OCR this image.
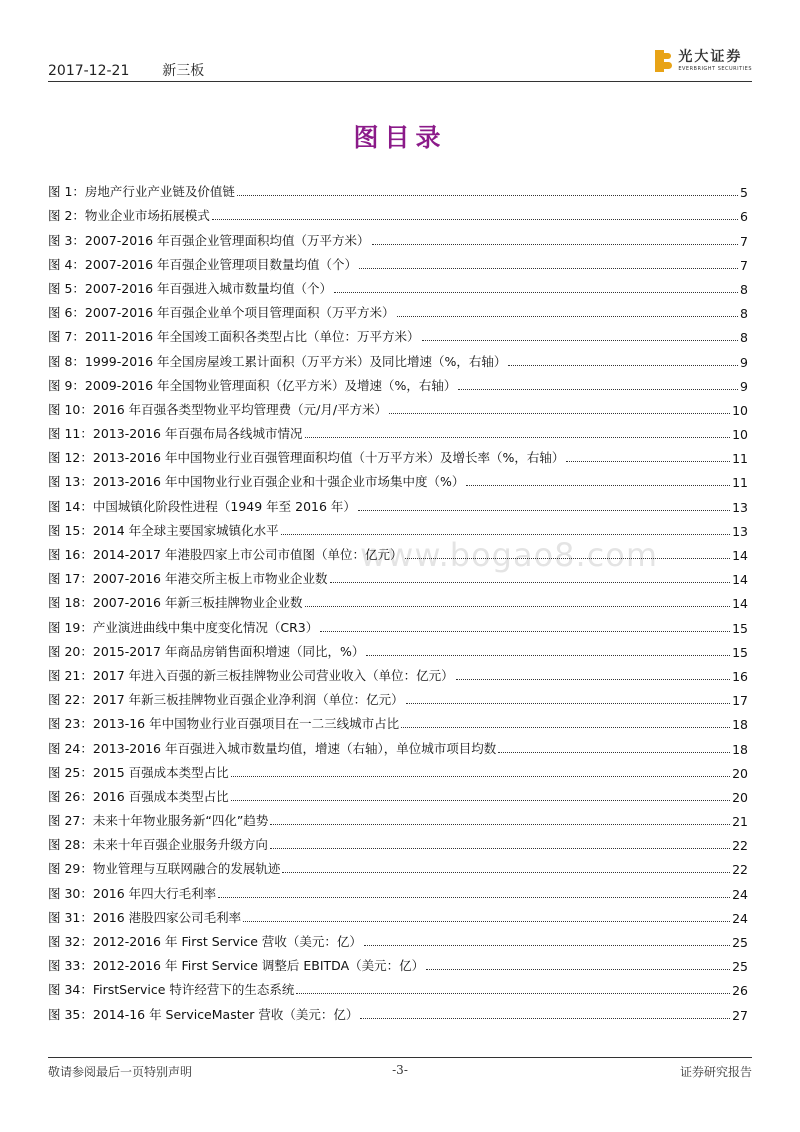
2017-12-21 新三板
光大证券
EVERBRIGHT SECURITIES
图目录
图 1：房地产行业产业链及价值链	5
图 2：物业企业市场拓展模式	6
图 3：2007-2016 年百强企业管理面积均值（万平方米）	7
图 4：2007-2016 年百强企业管理项目数量均值（个）	7
图 5：2007-2016 年百强进入城市数量均值（个）	8
图 6：2007-2016 年百强企业单个项目管理面积（万平方米）	8
图 7：2011-2016 年全国竣工面积各类型占比（单位：万平方米）	8
图 8：1999-2016 年全国房屋竣工累计面积（万平方米）及同比增速（%，右轴）	9
图 9：2009-2016 年全国物业管理面积（亿平方米）及增速（%，右轴）	9
图 10：2016 年百强各类型物业平均管理费（元/月/平方米）	10
图 11：2013-2016 年百强布局各线城市情况	10
图 12：2013-2016 年中国物业行业百强管理面积均值（十万平方米）及增长率（%，右轴）	11
图 13：2013-2016 年中国物业行业百强企业和十强企业市场集中度（%）	11
图 14：中国城镇化阶段性进程（1949 年至 2016 年）	13
图 15：2014 年全球主要国家城镇化水平	13
图 16：2014-2017 年港股四家上市公司市值图（单位：亿元）	14
图 17：2007-2016 年港交所主板上市物业企业数	14
图 18：2007-2016 年新三板挂牌物业企业数	14
图 19：产业演进曲线中集中度变化情况（CR3）	15
图 20：2015-2017 年商品房销售面积增速（同比，%）	15
图 21：2017 年进入百强的新三板挂牌物业公司营业收入（单位：亿元）	16
图 22：2017 年新三板挂牌物业百强企业净利润（单位：亿元）	17
图 23：2013-16 年中国物业行业百强项目在一二三线城市占比	18
图 24：2013-2016 年百强进入城市数量均值，增速（右轴），单位城市项目均数	18
图 25：2015 百强成本类型占比	20
图 26：2016 百强成本类型占比	20
图 27：未来十年物业服务新“四化”趋势	21
图 28：未来十年百强企业服务升级方向	22
图 29：物业管理与互联网融合的发展轨迹	22
图 30：2016 年四大行毛利率	24
图 31：2016 港股四家公司毛利率	24
图 32：2012-2016 年 First Service 营收（美元：亿）	25
图 33：2012-2016 年 First Service 调整后 EBITDA（美元：亿）	25
图 34：FirstService 特许经营下的生态系统	26
图 35：2014-16 年 ServiceMaster 营收（美元：亿）	27
www.bogao8.com
敬请参阅最后一页特别声明	-3-	证券研究报告
